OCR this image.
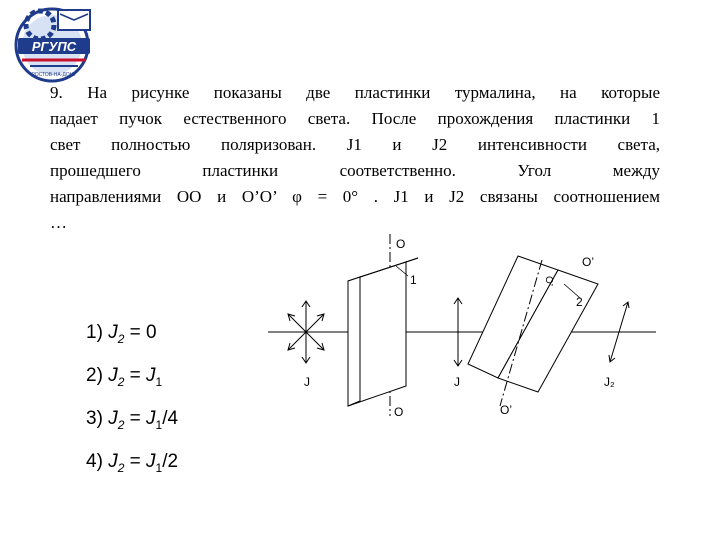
РГУПС
РОСТОВ-НА-ДОНУ
9. На рисунке показаны две пластинки турмалина, на которые
падает пучок естественного света. После прохождения пластинки 1
свет полностью поляризован. J1 и J2 интенсивности света,
прошедшего пластинки соответственно. Угол между
направлениями ОО и О’О’ φ = 0° . J1 и J2 связаны соотношением
…
1) $J_2 = 0$
2) $J_2 = J_1$
3) $J_2 = J_1/4$
4) $J_2 = J_1/2$
O
O
1
O’
O’
O’
2
J	J	J₂
